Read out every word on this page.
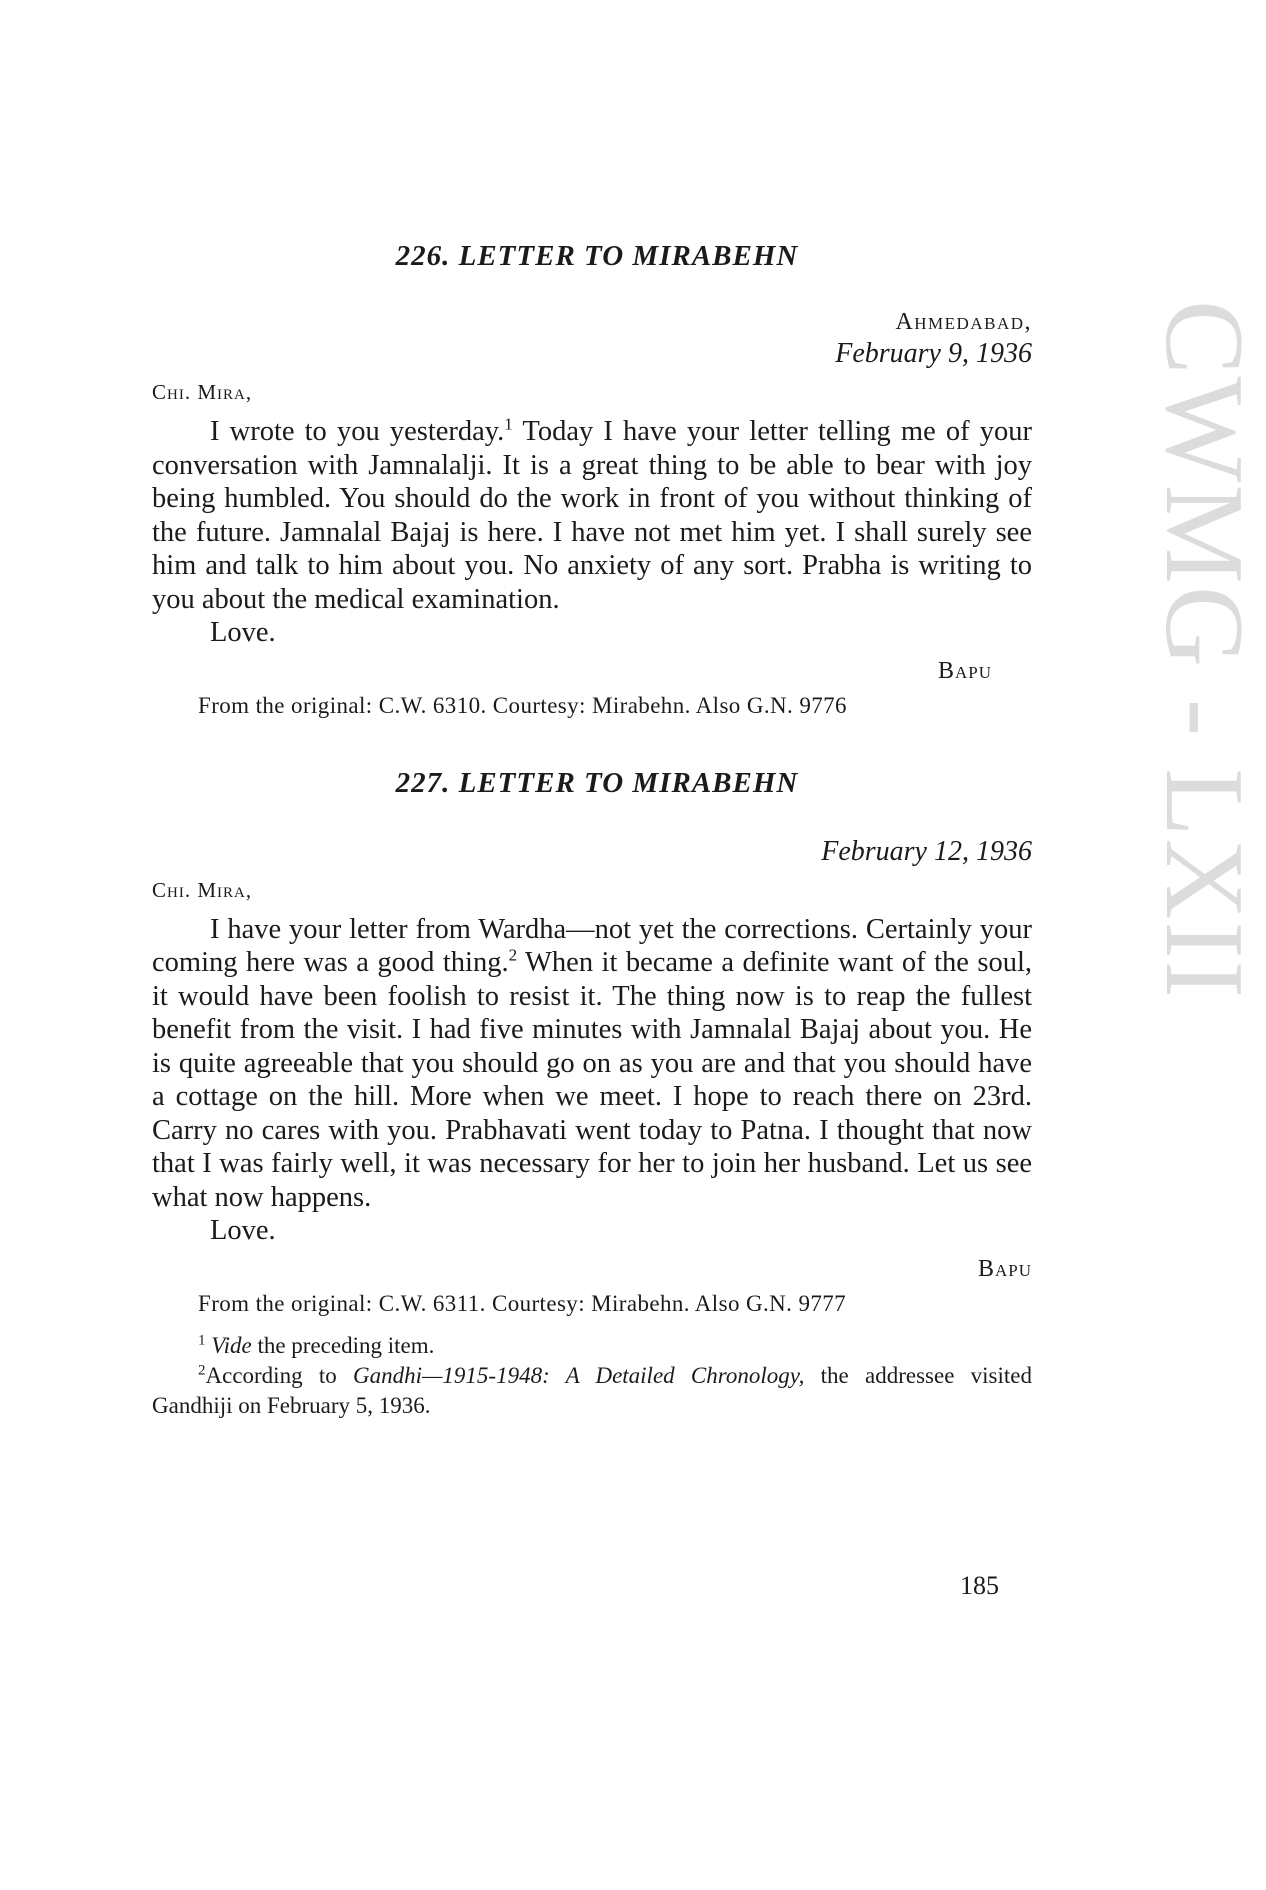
CWMG - LXII
226. LETTER TO MIRABEHN
Ahmedabad,
February 9, 1936
Chi. Mira,

I wrote to you yesterday.$^1$ Today I have your letter telling me of your conversation with Jamnalalji. It is a great thing to be able to bear with joy being humbled. You should do the work in front of you without thinking of the future. Jamnalal Bajaj is here. I have not met him yet. I shall surely see him and talk to him about you. No anxiety of any sort. Prabha is writing to you about the medical examination.

Love.
Bapu
From the original: C.W. 6310. Courtesy: Mirabehn. Also G.N. 9776
227. LETTER TO MIRABEHN
February 12, 1936
Chi. Mira,

I have your letter from Wardha—not yet the corrections. Certainly your coming here was a good thing.$^2$ When it became a definite want of the soul, it would have been foolish to resist it. The thing now is to reap the fullest benefit from the visit. I had five minutes with Jamnalal Bajaj about you. He is quite agreeable that you should go on as you are and that you should have a cottage on the hill. More when we meet. I hope to reach there on 23rd. Carry no cares with you. Prabhavati went today to Patna. I thought that now that I was fairly well, it was necessary for her to join her husband. Let us see what now happens.

Love.
Bapu
From the original: C.W. 6311. Courtesy: Mirabehn. Also G.N. 9777
$^1$ Vide the preceding item.
$^2$According to Gandhi—1915-1948: A Detailed Chronology, the addressee visited Gandhiji on February 5, 1936.
185
